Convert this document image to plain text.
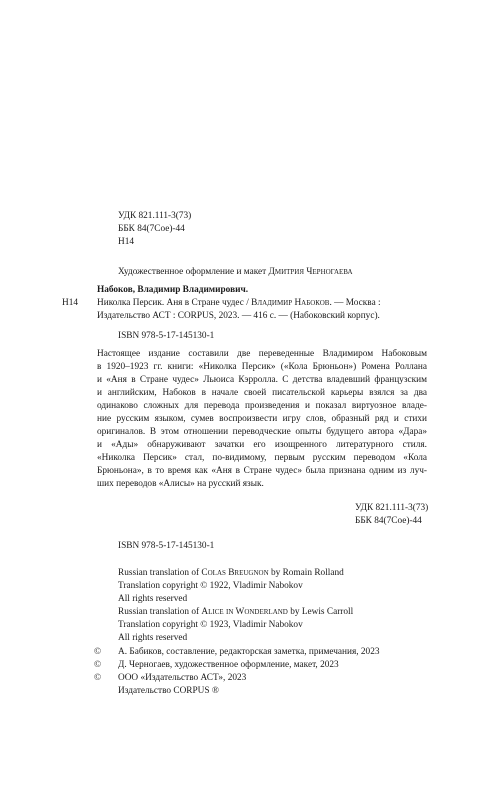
УДК 821.111-3(73)
ББК 84(7Сое)-44
Н14
Художественное оформление и макет Дмитрия Черногаева
Н14
Набоков, Владимир Владимирович.
Николка Персик. Аня в Стране чудес / Владимир Набоков. — Москва :
Издательство АСТ : CORPUS, 2023. — 416 с. — (Набоковский корпус).
ISBN 978-5-17-145130-1
Настоящее издание составили две переведенные Владимиром Набоковым
в 1920–1923 гг. книги: «Николка Персик» («Кола Брюньон») Ромена Роллана
и «Аня в Стране чудес» Льюиса Кэрролла. С детства владевший французским
и английским, Набоков в начале своей писательской карьеры взялся за два
одинаково сложных для перевода произведения и показал виртуозное владе-
ние русским языком, сумев воспроизвести игру слов, образный ряд и стихи
оригиналов. В этом отношении переводческие опыты будущего автора «Дара»
и «Ады» обнаруживают зачатки его изощренного литературного стиля.
«Николка Персик» стал, по-видимому, первым русским переводом «Кола
Брюньона», в то время как «Аня в Стране чудес» была признана одним из луч-
ших переводов «Алисы» на русский язык.
УДК 821.111-3(73)
ББК 84(7Сое)-44
ISBN 978-5-17-145130-1
Russian translation of Colas Breugnon by Romain Rolland
Translation copyright © 1922, Vladimir Nabokov
All rights reserved
Russian translation of Alice in Wonderland by Lewis Carroll
Translation copyright © 1923, Vladimir Nabokov
All rights reserved
© А. Бабиков, составление, редакторская заметка, примечания, 2023
© Д. Черногаев, художественное оформление, макет, 2023
© ООО «Издательство АСТ», 2023
Издательство CORPUS ®
